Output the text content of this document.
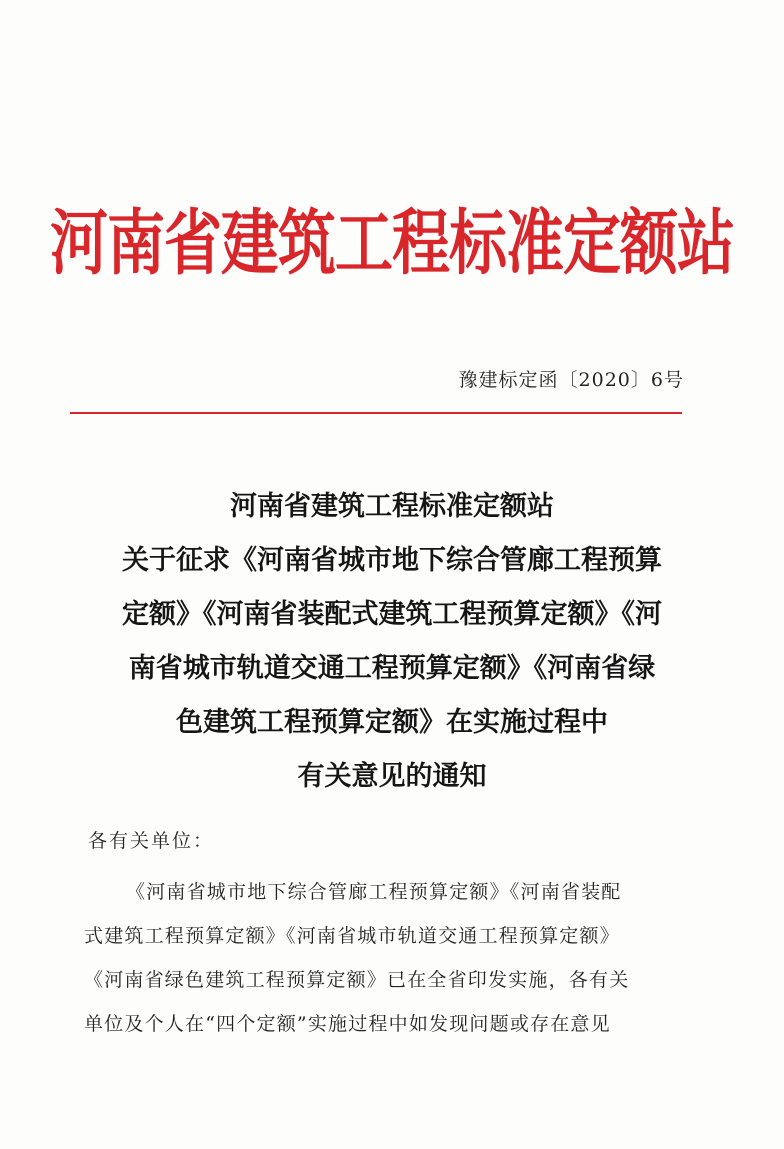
河南省建筑工程标准定额站
豫建标定函〔2020〕6号
河南省建筑工程标准定额站
关于征求《河南省城市地下综合管廊工程预算
定额》《河南省装配式建筑工程预算定额》《河
南省城市轨道交通工程预算定额》《河南省绿
色建筑工程预算定额》在实施过程中
有关意见的通知
各有关单位：
《河南省城市地下综合管廊工程预算定额》《河南省装配
式建筑工程预算定额》《河南省城市轨道交通工程预算定额》
《河南省绿色建筑工程预算定额》已在全省印发实施，各有关
单位及个人在“四个定额”实施过程中如发现问题或存在意见
